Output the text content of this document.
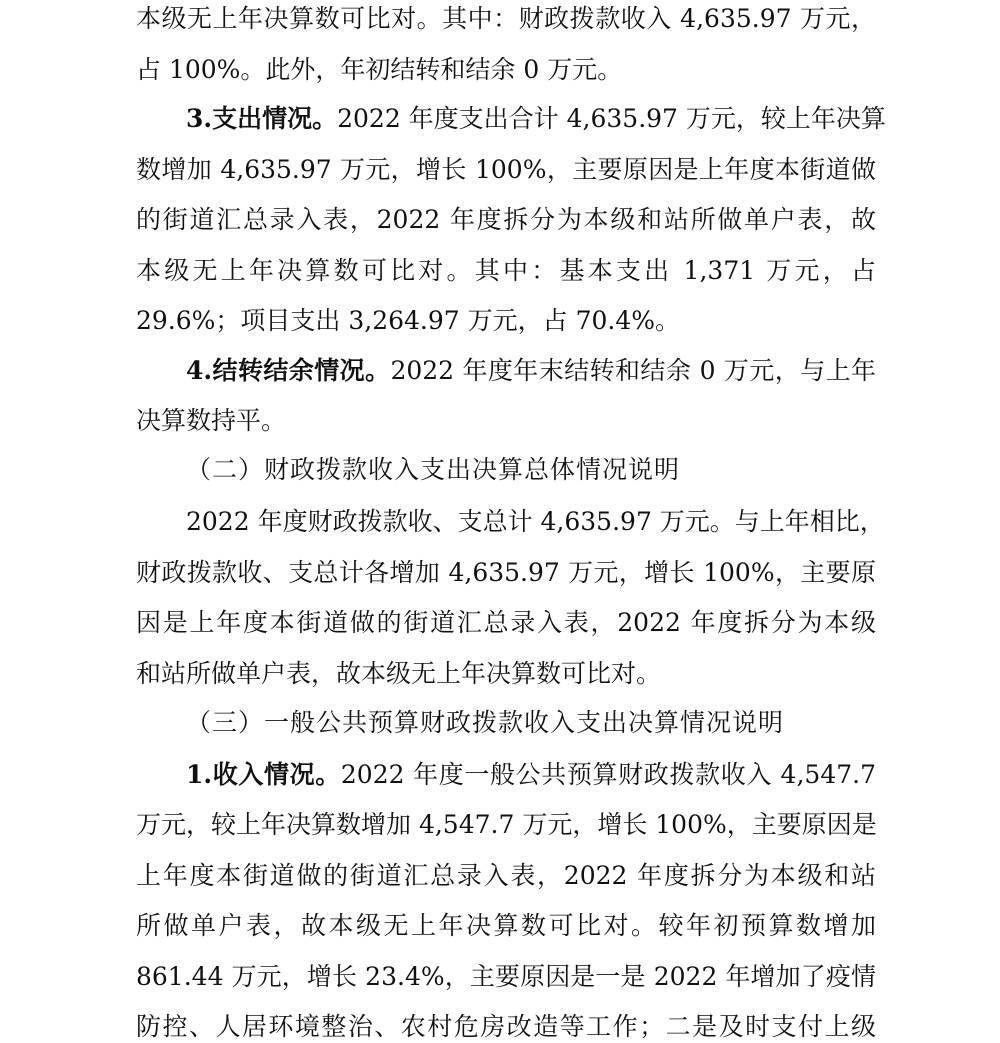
本级无上年决算数可比对。其中：财政拨款收入 4,635.97 万元，
占 100%。此外，年初结转和结余 0 万元。
3.支出情况。2022 年度支出合计 4,635.97 万元，较上年决算
数增加 4,635.97 万元，增长 100%，主要原因是上年度本街道做
的街道汇总录入表，2022 年度拆分为本级和站所做单户表，故
本级无上年决算数可比对。其中：基本支出 1,371 万元，占
29.6%；项目支出 3,264.97 万元，占 70.4%。
4.结转结余情况。2022 年度年末结转和结余 0 万元，与上年
决算数持平。
（二）财政拨款收入支出决算总体情况说明
2022 年度财政拨款收、支总计 4,635.97 万元。与上年相比，
财政拨款收、支总计各增加 4,635.97 万元，增长 100%，主要原
因是上年度本街道做的街道汇总录入表，2022 年度拆分为本级
和站所做单户表，故本级无上年决算数可比对。
（三）一般公共预算财政拨款收入支出决算情况说明
1.收入情况。2022 年度一般公共预算财政拨款收入 4,547.7
万元，较上年决算数增加 4,547.7 万元，增长 100%，主要原因是
上年度本街道做的街道汇总录入表，2022 年度拆分为本级和站
所做单户表，故本级无上年决算数可比对。较年初预算数增加
861.44 万元，增长 23.4%，主要原因是一是 2022 年增加了疫情
防控、人居环境整治、农村危房改造等工作；二是及时支付上级
